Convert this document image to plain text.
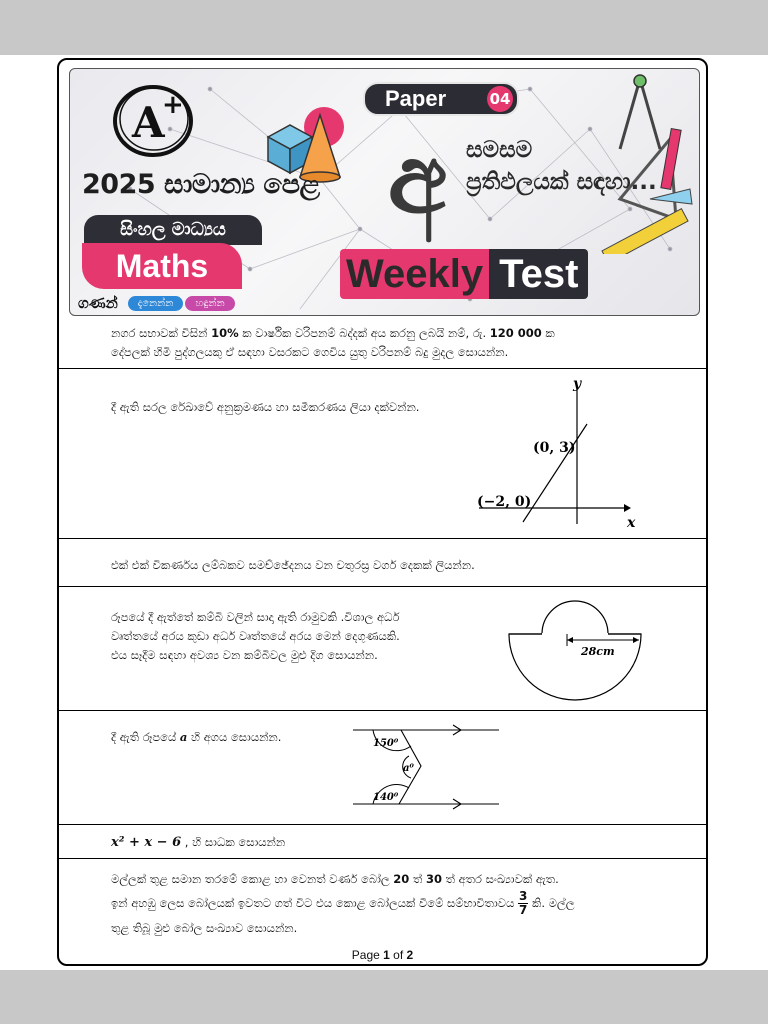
A
+
2025 සාමාන්‍ය පෙළ
සිංහල මාධ්‍යය
Maths
ගණන්	දැනෙන්න	හඳුන්න
Paper	04
අ සමසම
ප්‍රතිඵලයක් සඳහා...
Weekly Test
නගර සභාවක් විසින් 10% ක වාර්ෂික වරිපනම් බද්දක් අය කරනු ලබයි නම්, රු. 120 000 ක
දේපලක් හිමි පුද්ගලයකු ඒ සඳහා වසරකට ගෙවිය යුතු වරිපනම් බදු මුදල සොයන්න.
දී ඇති සරල රේඛාවේ අනුක්‍රමණය හා සමීකරණය ලියා දක්වන්න.
y
x
(0, 3)
(−2, 0)
එක් එක් විකර්ණය ලම්බකව සමච්ඡේදනය වන චතුරස්‍ර වර්ග දෙකක් ලියන්න.
රූපයේ දී ඇත්තේ කම්බි වලින් සාදා ඇති රාමුවකි .විශාල අර්ධ
වෘත්තයේ අරය කුඩා අර්ධ වෘත්තයේ අරය මෙන් දෙගුණයකි.
එය සෑදීම සඳහා අවශ්‍ය වන කම්බිවල මුළු දිග සොයන්න.	28cm
දී ඇති රූපයේ a හි අගය සොයන්න.	150⁰
a⁰
140⁰
x² + x − 6 , හි සාධක සොයන්න
මල්ලක් තුළ සමාන තරමේ කොළ හා වෙනත් වර්ණ බෝල 20 ත් 30 ත් අතර සංඛ්‍යාවක් ඇත.
ඉන් අහඹු ලෙස බෝලයක් ඉවතට ගත් විට එය කොළ බෝලයක් වීමේ සම්භාවිතාවය $\frac{3}{7}$ කි. මල්ල
තුළ තිබූ මුළු බෝල සංඛ්‍යාව සොයන්න.
Page 1 of 2
